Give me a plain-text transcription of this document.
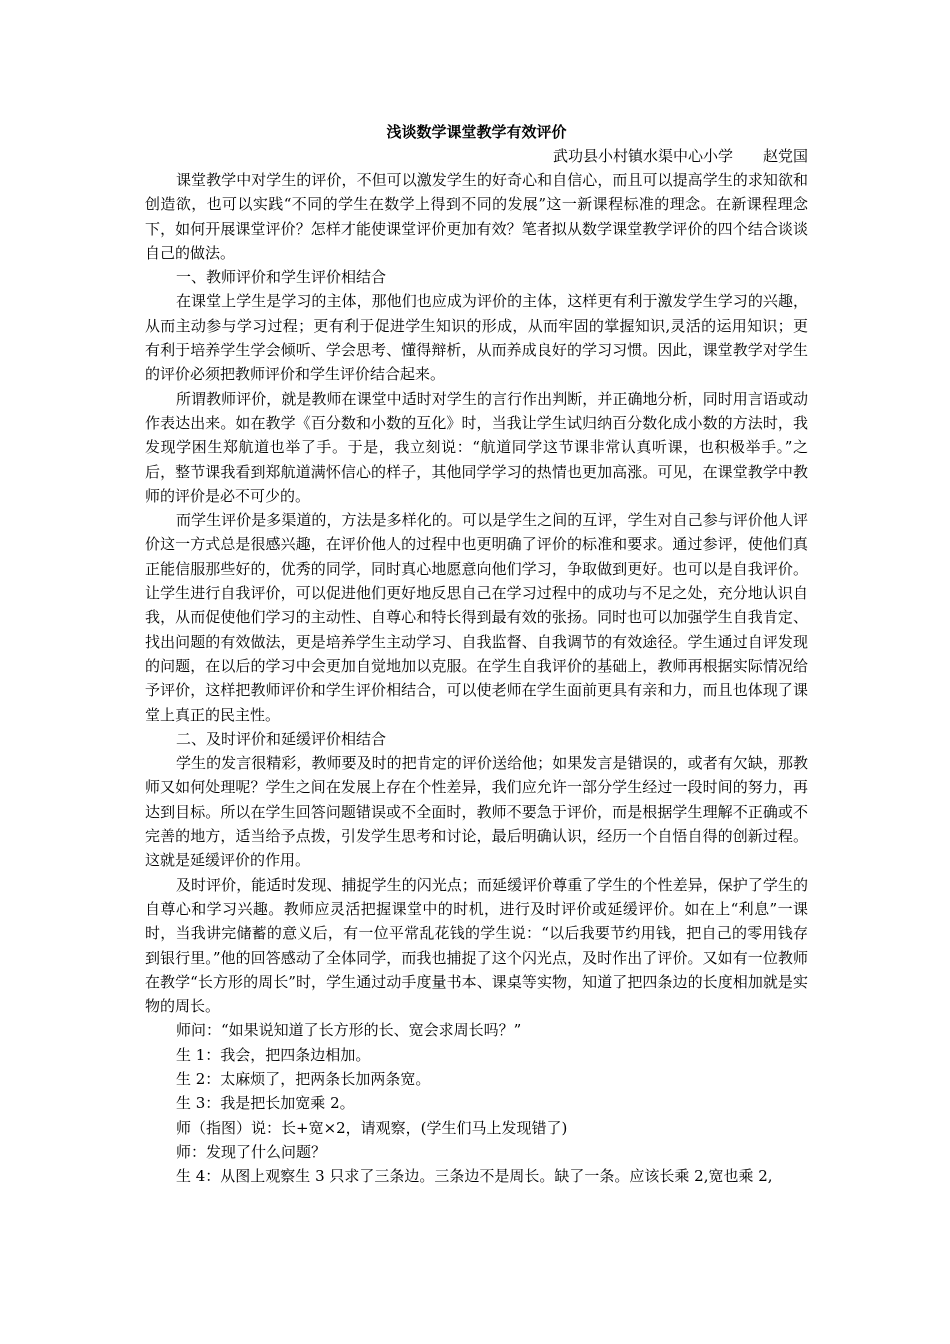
浅谈数学课堂教学有效评价

武功县小村镇水渠中心小学　　赵党国

课堂教学中对学生的评价，不但可以激发学生的好奇心和自信心，而且可以提高学生的求知欲和创造欲，也可以实践“不同的学生在数学上得到不同的发展”这一新课程标准的理念。在新课程理念下，如何开展课堂评价？怎样才能使课堂评价更加有效？笔者拟从数学课堂教学评价的四个结合谈谈自己的做法。

一、教师评价和学生评价相结合

在课堂上学生是学习的主体，那他们也应成为评价的主体，这样更有利于激发学生学习的兴趣，从而主动参与学习过程；更有利于促进学生知识的形成，从而牢固的掌握知识,灵活的运用知识；更有利于培养学生学会倾听、学会思考、懂得辩析，从而养成良好的学习习惯。因此，课堂教学对学生的评价必须把教师评价和学生评价结合起来。

所谓教师评价，就是教师在课堂中适时对学生的言行作出判断，并正确地分析，同时用言语或动作表达出来。如在教学《百分数和小数的互化》时，当我让学生试归纳百分数化成小数的方法时，我发现学困生郑航道也举了手。于是，我立刻说：“航道同学这节课非常认真听课，也积极举手。”之后，整节课我看到郑航道满怀信心的样子，其他同学学习的热情也更加高涨。可见，在课堂教学中教师的评价是必不可少的。

而学生评价是多渠道的，方法是多样化的。可以是学生之间的互评，学生对自己参与评价他人评价这一方式总是很感兴趣，在评价他人的过程中也更明确了评价的标准和要求。通过参评，使他们真正能信服那些好的，优秀的同学，同时真心地愿意向他们学习，争取做到更好。也可以是自我评价。让学生进行自我评价，可以促进他们更好地反思自己在学习过程中的成功与不足之处，充分地认识自我，从而促使他们学习的主动性、自尊心和特长得到最有效的张扬。同时也可以加强学生自我肯定、找出问题的有效做法，更是培养学生主动学习、自我监督、自我调节的有效途径。学生通过自评发现的问题，在以后的学习中会更加自觉地加以克服。在学生自我评价的基础上，教师再根据实际情况给予评价，这样把教师评价和学生评价相结合，可以使老师在学生面前更具有亲和力，而且也体现了课堂上真正的民主性。

二、及时评价和延缓评价相结合

学生的发言很精彩，教师要及时的把肯定的评价送给他；如果发言是错误的，或者有欠缺，那教师又如何处理呢？学生之间在发展上存在个性差异，我们应允许一部分学生经过一段时间的努力，再达到目标。所以在学生回答问题错误或不全面时，教师不要急于评价，而是根据学生理解不正确或不完善的地方，适当给予点拨，引发学生思考和讨论，最后明确认识，经历一个自悟自得的创新过程。这就是延缓评价的作用。

及时评价，能适时发现、捕捉学生的闪光点；而延缓评价尊重了学生的个性差异，保护了学生的自尊心和学习兴趣。教师应灵活把握课堂中的时机，进行及时评价或延缓评价。如在上“利息”一课时，当我讲完储蓄的意义后，有一位平常乱花钱的学生说：“以后我要节约用钱，把自己的零用钱存到银行里。”他的回答感动了全体同学，而我也捕捉了这个闪光点，及时作出了评价。又如有一位教师在教学“长方形的周长”时，学生通过动手度量书本、课桌等实物，知道了把四条边的长度相加就是实物的周长。

师问：“如果说知道了长方形的长、宽会求周长吗？”

生 1：我会，把四条边相加。

生 2：太麻烦了，把两条长加两条宽。

生 3：我是把长加宽乘 2。

师（指图）说：长+宽×2，请观察，(学生们马上发现错了)

师：发现了什么问题？

生 4：从图上观察生 3 只求了三条边。三条边不是周长。缺了一条。应该长乘 2,宽也乘 2,
